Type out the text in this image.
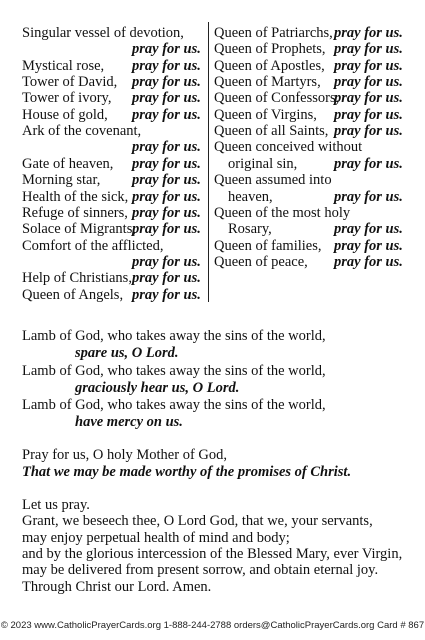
Singular vessel of devotion,
pray for us.
Mystical rose, pray for us.
Tower of David, pray for us.
Tower of ivory, pray for us.
House of gold, pray for us.
Ark of the covenant,
pray for us.
Gate of heaven, pray for us.
Morning star, pray for us.
Health of the sick, pray for us.
Refuge of sinners, pray for us.
Solace of Migrants,
pray for us.
Comfort of the afflicted,
pray for us.
Help of Christians, pray for us.
Queen of Angels, pray for us.
Queen of Patriarchs, pray for us.
Queen of Prophets, pray for us.
Queen of Apostles, pray for us.
Queen of Martyrs, pray for us.
Queen of Confessors,
pray for us.
Queen of Virgins, pray for us.
Queen of all Saints, pray for us.
Queen conceived without
original sin,	pray for us.
Queen assumed into
heaven,	pray for us.
Queen of the most holy
Rosary,	pray for us.
Queen of families, pray for us.
Queen of peace, pray for us.
Lamb of God, who takes away the sins of the world,
spare us, O Lord.
Lamb of God, who takes away the sins of the world,
graciously hear us, O Lord.
Lamb of God, who takes away the sins of the world,
have mercy on us.
Pray for us, O holy Mother of God,
That we may be made worthy of the promises of Christ.
Let us pray.
Grant, we beseech thee, O Lord God, that we, your servants,
may enjoy perpetual health of mind and body;
and by the glorious intercession of the Blessed Mary, ever Virgin,
may be delivered from present sorrow, and obtain eternal joy.
Through Christ our Lord. Amen.
© 2023 www.CatholicPrayerCards.org 1-888-244-2788 orders@CatholicPrayerCards.org Card # 867
